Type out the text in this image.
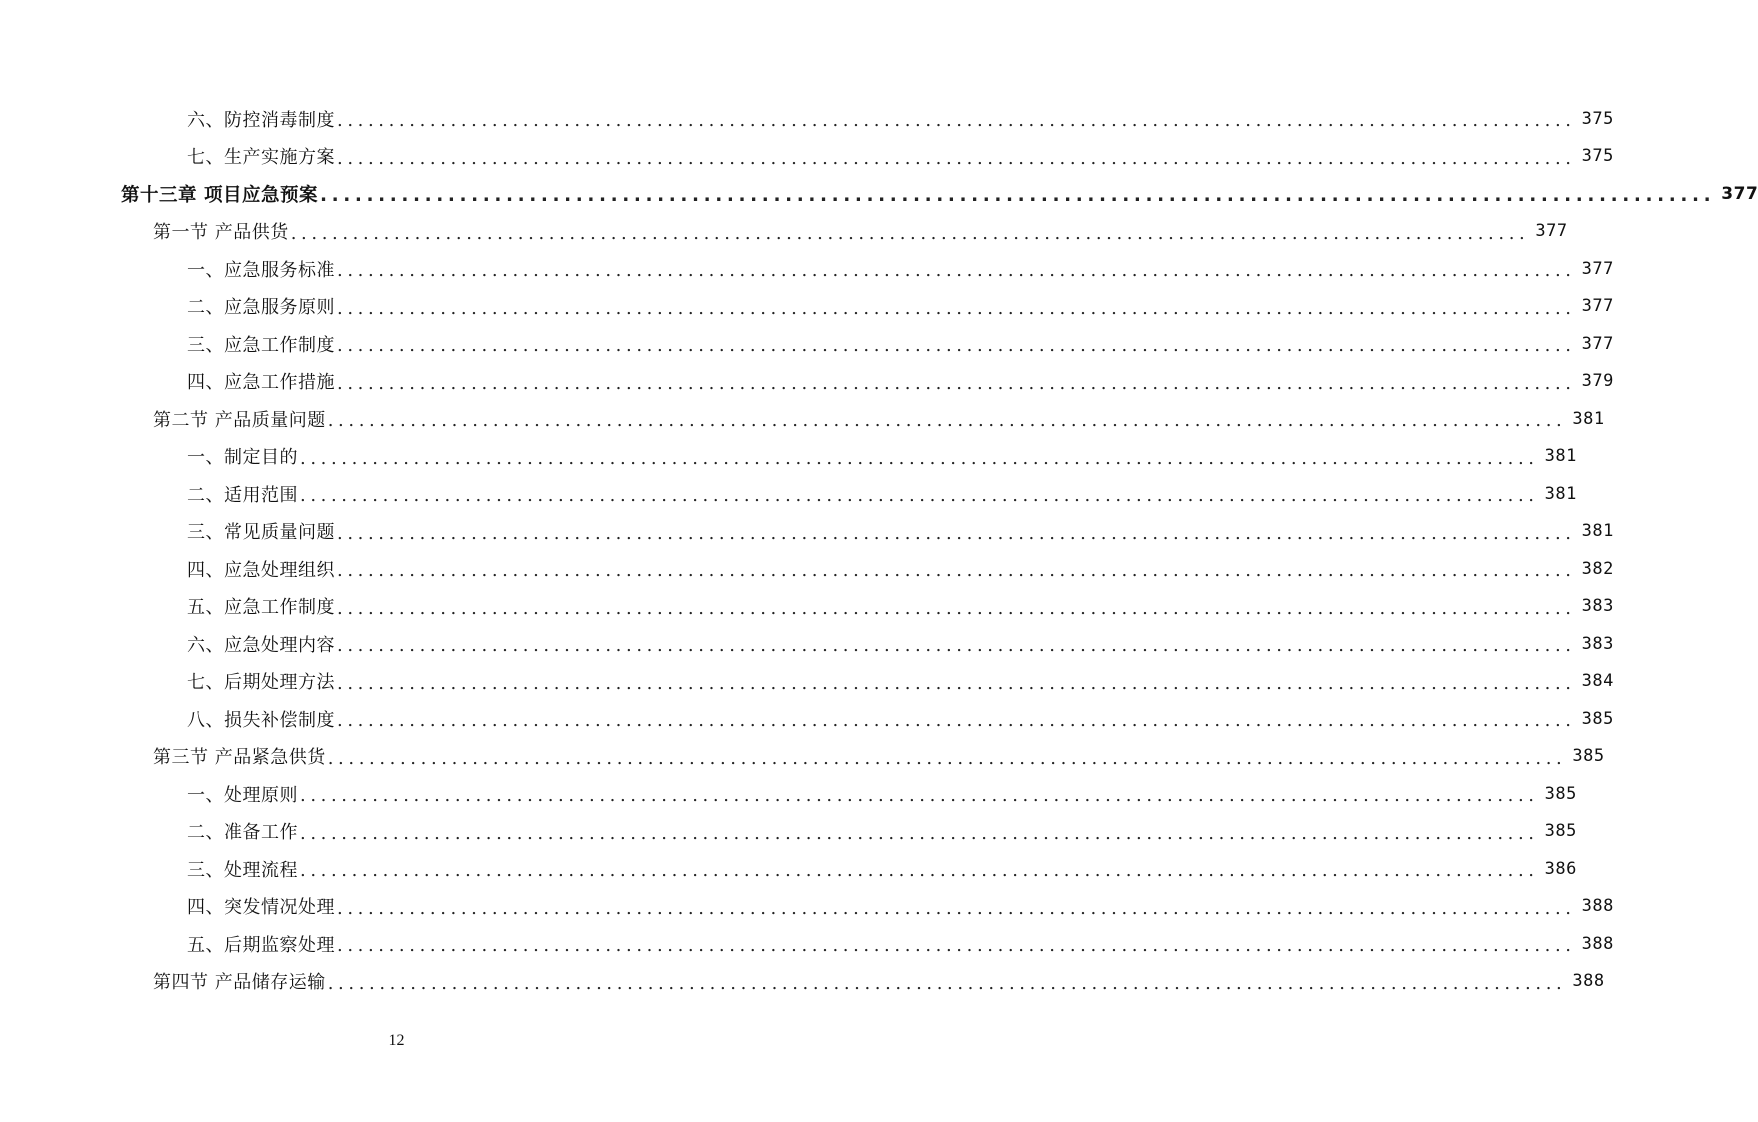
六、防控消毒制度 ........................................................................................................................ 375
七、生产实施方案 ........................................................................................................................ 375
第十三章 项目应急预案 ........................................................................................................................ 377
第一节 产品供货 ........................................................................................................................ 377
一、应急服务标准 ........................................................................................................................ 377
二、应急服务原则 ........................................................................................................................ 377
三、应急工作制度 ........................................................................................................................ 377
四、应急工作措施 ........................................................................................................................ 379
第二节 产品质量问题 ........................................................................................................................ 381
一、制定目的 ........................................................................................................................ 381
二、适用范围 ........................................................................................................................ 381
三、常见质量问题 ........................................................................................................................ 381
四、应急处理组织 ........................................................................................................................ 382
五、应急工作制度 ........................................................................................................................ 383
六、应急处理内容 ........................................................................................................................ 383
七、后期处理方法 ........................................................................................................................ 384
八、损失补偿制度 ........................................................................................................................ 385
第三节 产品紧急供货 ........................................................................................................................ 385
一、处理原则 ........................................................................................................................ 385
二、准备工作 ........................................................................................................................ 385
三、处理流程 ........................................................................................................................ 386
四、突发情况处理 ........................................................................................................................ 388
五、后期监察处理 ........................................................................................................................ 388
第四节 产品储存运输 ........................................................................................................................ 388
12
